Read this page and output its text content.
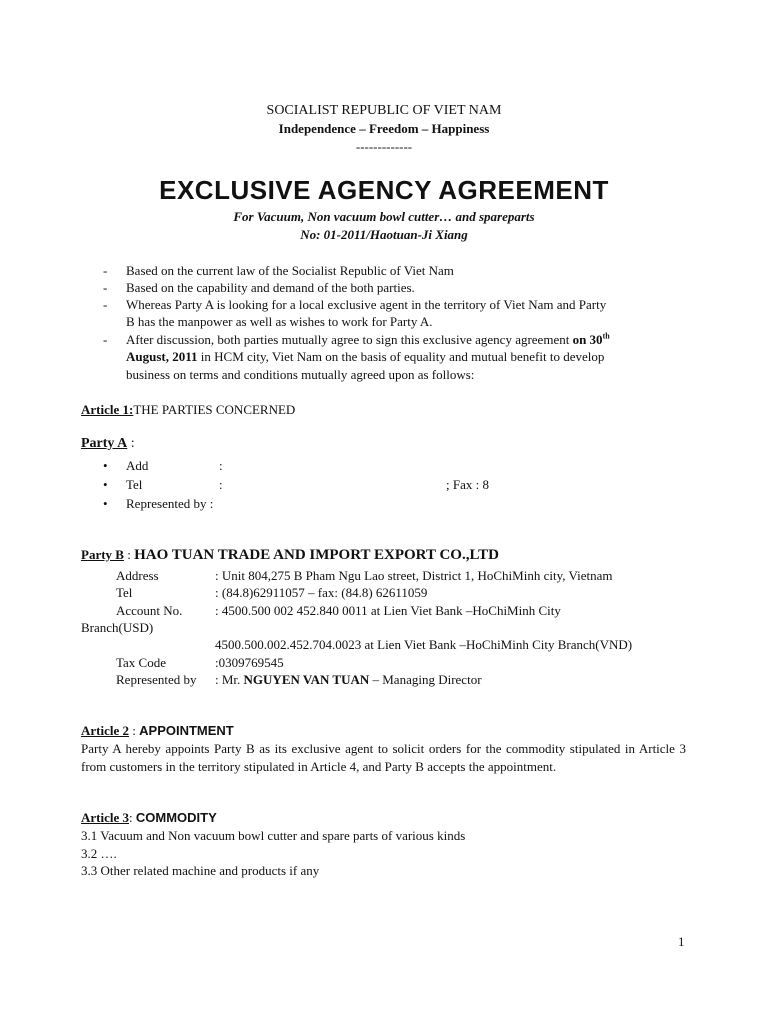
SOCIALIST REPUBLIC OF VIET NAM
Independence – Freedom – Happiness
-------------
EXCLUSIVE AGENCY AGREEMENT
For Vacuum, Non vacuum bowl cutter… and spareparts
No: 01-2011/Haotuan-Ji Xiang
- Based on the current law of the Socialist Republic of Viet Nam
- Based on the capability and demand of the both parties.
- Whereas Party A is looking for a local exclusive agent in the territory of Viet Nam and Party
B has the manpower as well as wishes to work for Party A.
- After discussion, both parties mutually agree to sign this exclusive agency agreement on 30th
August, 2011 in HCM city, Viet Nam on the basis of equality and mutual benefit to develop
business on terms and conditions mutually agreed upon as follows:
Article 1:THE PARTIES CONCERNED
Party A :
• Add	:
• Tel	:	; Fax : 8
• Represented by :
Party B : HAO TUAN TRADE AND IMPORT EXPORT CO.,LTD
Address	: Unit 804,275 B Pham Ngu Lao street, District 1, HoChiMinh city, Vietnam
Tel	: (84.8)62911057 – fax: (84.8) 62611059
Account No.	: 4500.500 002 452.840 0011 at Lien Viet Bank –HoChiMinh City
Branch(USD)
4500.500.002.452.704.0023 at Lien Viet Bank –HoChiMinh City Branch(VND)
Tax Code	:0309769545
Represented by : Mr. NGUYEN VAN TUAN – Managing Director
Article 2 : APPOINTMENT
Party A hereby appoints Party B as its exclusive agent to solicit orders for the commodity stipulated in Article 3 from customers in the territory stipulated in Article 4, and Party B accepts the appointment.
Article 3: COMMODITY
3.1 Vacuum and Non vacuum bowl cutter and spare parts of various kinds
3.2 ….
3.3 Other related machine and products if any
1
